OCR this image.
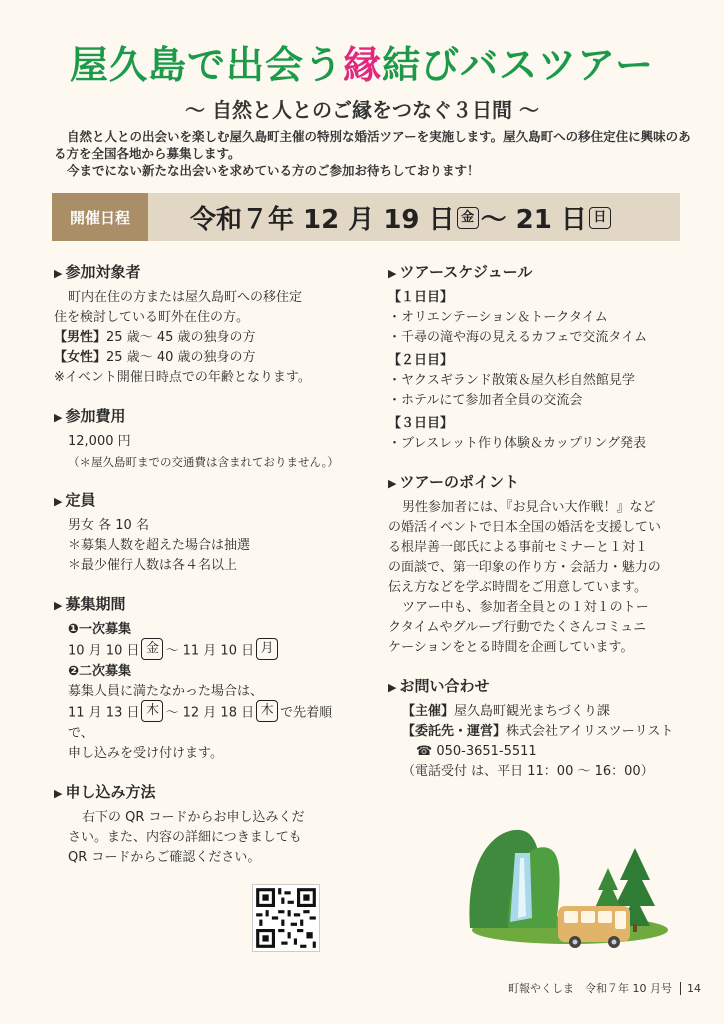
屋久島で出会う縁結びバスツアー
〜 自然と人とのご縁をつなぐ３日間 〜

自然と人との出会いを楽しむ屋久島町主催の特別な婚活ツアーを実施します。屋久島町への移住定住に興味のある方を全国各地から募集します。

今までにない新たな出会いを求めている方のご参加お待ちしております！

開催日程	令和７年 12 月 19 日 金 〜 21 日 日
▶ 参加対象者

町内在住の方または屋久島町への移住定

住を検討している町外在住の方。

【男性】25 歳〜 45 歳の独身の方

【女性】25 歳〜 40 歳の独身の方

※イベント開催日時点での年齢となります。

▶ 参加費用

12,000 円

（＊屋久島町までの交通費は含まれておりません。）

▶ 定員

男女 各 10 名

＊募集人数を超えた場合は抽選

＊最少催行人数は各４名以上

▶ 募集期間

❶一次募集

10 月 10 日 金 〜 11 月 10 日 月

❷二次募集

募集人員に満たなかった場合は、

11 月 13 日 木 〜 12 月 18 日 木 で先着順で、

申し込みを受け付けます。

▶ 申し込み方法

右下の QR コードからお申し込みくだ

さい。また、内容の詳細につきましても

QR コードからご確認ください。

▶ ツアースケジュール

【１日目】

・オリエンテーション＆トークタイム

・千尋の滝や海の見えるカフェで交流タイム

【２日目】

・ヤクスギランド散策＆屋久杉自然館見学

・ホテルにて参加者全員の交流会

【３日目】

・ブレスレット作り体験＆カップリング発表

▶ ツアーのポイント

男性参加者には、『お見合い大作戦！』など

の婚活イベントで日本全国の婚活を支援してい

る根岸善一郎氏による事前セミナーと１対１

の面談で、第一印象の作り方・会話力・魅力の

伝え方などを学ぶ時間をご用意しています。

ツアー中も、参加者全員との１対１のトー

クタイムやグループ行動でたくさんコミュニ

ケーションをとる時間を企画しています。

▶ お問い合わせ

【主催】屋久島町観光まちづくり課

【委託先・運営】株式会社アイリスツーリスト

☎ 050-3651-5511

（電話受付 は、平日 11：00 〜 16：00）

町報やくしま　令和７年 10 月号 14
